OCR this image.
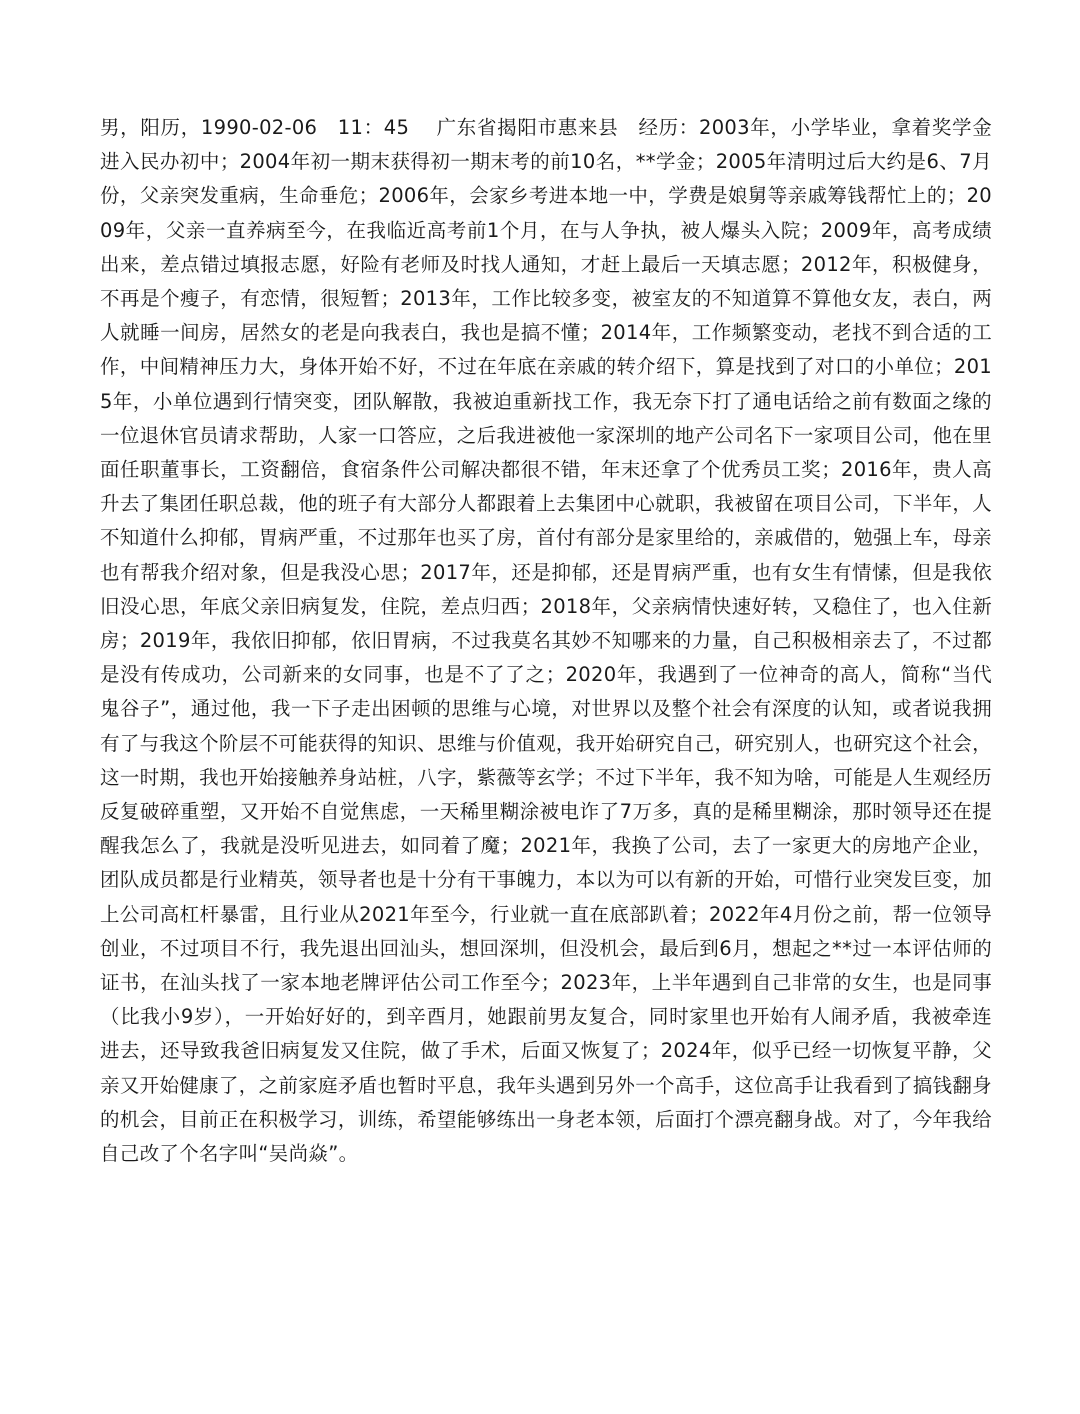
男，阳历，1990-02-06　11：45　 广东省揭阳市惠来县　经历：2003年，小学毕业，拿着奖学金进入民办初中；2004年初一期末获得初一期末考的前10名，**学金；2005年清明过后大约是6、7月份，父亲突发重病，生命垂危；2006年，会家乡考进本地一中，学费是娘舅等亲戚筹钱帮忙上的；2009年，父亲一直养病至今，在我临近高考前1个月，在与人争执，被人爆头入院；2009年，高考成绩出来，差点错过填报志愿，好险有老师及时找人通知，才赶上最后一天填志愿；2012年，积极健身，不再是个瘦子，有恋情，很短暂；2013年，工作比较多变，被室友的不知道算不算他女友，表白，两人就睡一间房，居然女的老是向我表白，我也是搞不懂；2014年，工作频繁变动，老找不到合适的工作，中间精神压力大，身体开始不好，不过在年底在亲戚的转介绍下，算是找到了对口的小单位；2015年，小单位遇到行情突变，团队解散，我被迫重新找工作，我无奈下打了通电话给之前有数面之缘的一位退休官员请求帮助，人家一口答应，之后我进被他一家深圳的地产公司名下一家项目公司，他在里面任职董事长，工资翻倍，食宿条件公司解决都很不错，年末还拿了个优秀员工奖；2016年，贵人高升去了集团任职总裁，他的班子有大部分人都跟着上去集团中心就职，我被留在项目公司，下半年，人不知道什么抑郁，胃病严重，不过那年也买了房，首付有部分是家里给的，亲戚借的，勉强上车，母亲也有帮我介绍对象，但是我没心思；2017年，还是抑郁，还是胃病严重，也有女生有情愫，但是我依旧没心思，年底父亲旧病复发，住院，差点归西；2018年，父亲病情快速好转，又稳住了，也入住新房；2019年，我依旧抑郁，依旧胃病，不过我莫名其妙不知哪来的力量，自己积极相亲去了，不过都是没有传成功，公司新来的女同事，也是不了了之；2020年，我遇到了一位神奇的高人，简称“当代鬼谷子”，通过他，我一下子走出困顿的思维与心境，对世界以及整个社会有深度的认知，或者说我拥有了与我这个阶层不可能获得的知识、思维与价值观，我开始研究自己，研究别人，也研究这个社会，这一时期，我也开始接触养身站桩，八字，紫薇等玄学；不过下半年，我不知为啥，可能是人生观经历反复破碎重塑，又开始不自觉焦虑，一天稀里糊涂被电诈了7万多，真的是稀里糊涂，那时领导还在提醒我怎么了，我就是没听见进去，如同着了魔；2021年，我换了公司，去了一家更大的房地产企业，团队成员都是行业精英，领导者也是十分有干事魄力，本以为可以有新的开始，可惜行业突发巨变，加上公司高杠杆暴雷，且行业从2021年至今，行业就一直在底部趴着；2022年4月份之前，帮一位领导创业，不过项目不行，我先退出回汕头，想回深圳，但没机会，最后到6月，想起之**过一本评估师的证书，在汕头找了一家本地老牌评估公司工作至今；2023年，上半年遇到自己非常的女生，也是同事（比我小9岁），一开始好好的，到辛酉月，她跟前男友复合，同时家里也开始有人闹矛盾，我被牵连进去，还导致我爸旧病复发又住院，做了手术，后面又恢复了；2024年，似乎已经一切恢复平静，父亲又开始健康了，之前家庭矛盾也暂时平息，我年头遇到另外一个高手，这位高手让我看到了搞钱翻身的机会，目前正在积极学习，训练，希望能够练出一身老本领，后面打个漂亮翻身战。对了，今年我给自己改了个名字叫“吴尚焱”。
